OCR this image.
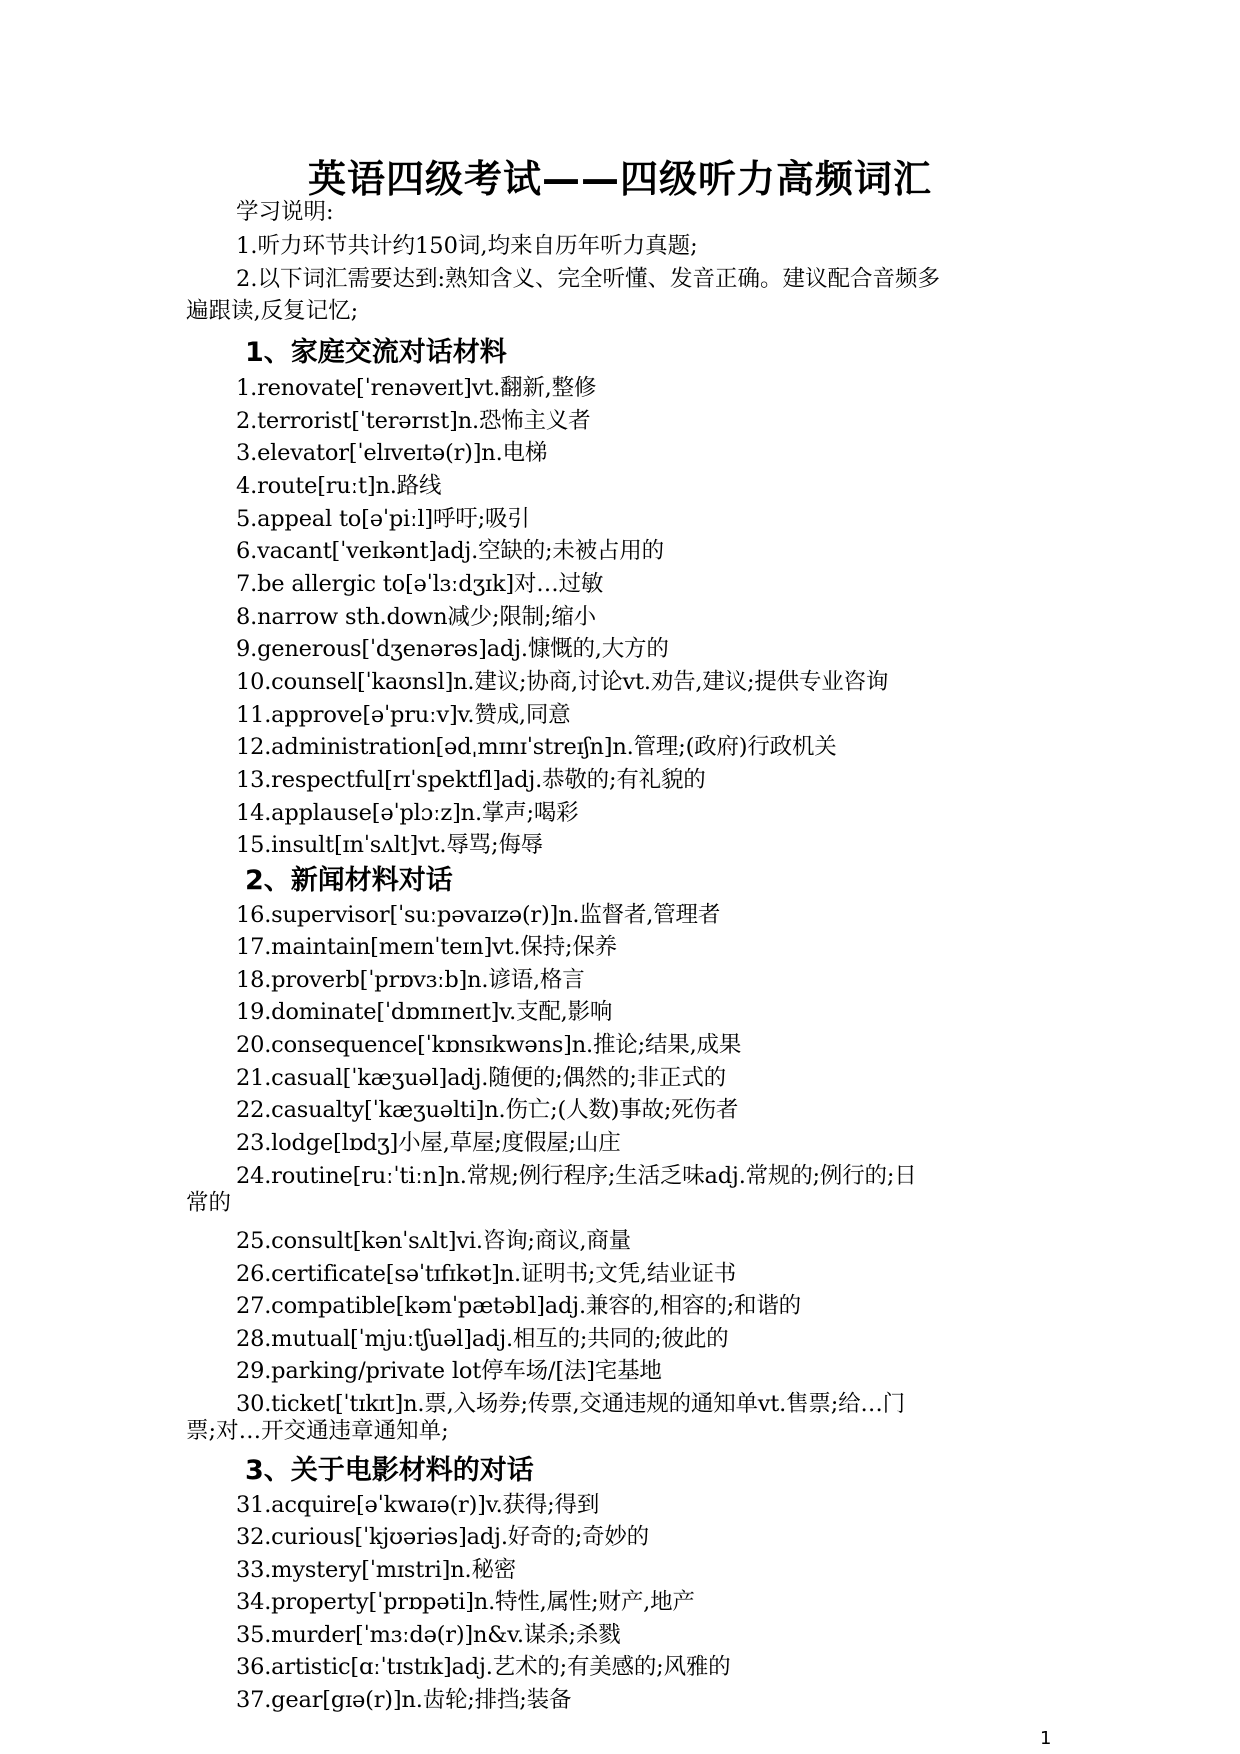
英语四级考试——四级听力高频词汇
学习说明:
1.听力环节共计约150词,均来自历年听力真题;
2.以下词汇需要达到:熟知含义、完全听懂、发音正确。建议配合音频多
遍跟读,反复记忆;
1、家庭交流对话材料
1.renovate[ˈrenəveɪt]vt.翻新,整修
2.terrorist[ˈterərɪst]n.恐怖主义者
3.elevator[ˈelɪveɪtə(r)]n.电梯
4.route[ruːt]n.路线
5.appeal to[əˈpiːl]呼吁;吸引
6.vacant[ˈveɪkənt]adj.空缺的;未被占用的
7.be allergic to[əˈlɜːdʒɪk]对…过敏
8.narrow sth.down减少;限制;缩小
9.generous[ˈdʒenərəs]adj.慷慨的,大方的
10.counsel[ˈkaʊnsl]n.建议;协商,讨论vt.劝告,建议;提供专业咨询
11.approve[əˈpruːv]v.赞成,同意
12.administration[ədˌmɪnɪˈstreɪʃn]n.管理;(政府)行政机关
13.respectful[rɪˈspektfl]adj.恭敬的;有礼貌的
14.applause[əˈplɔːz]n.掌声;喝彩
15.insult[ɪnˈsʌlt]vt.辱骂;侮辱
2、新闻材料对话
16.supervisor[ˈsuːpəvaɪzə(r)]n.监督者,管理者
17.maintain[meɪnˈteɪn]vt.保持;保养
18.proverb[ˈprɒvɜːb]n.谚语,格言
19.dominate[ˈdɒmɪneɪt]v.支配,影响
20.consequence[ˈkɒnsɪkwəns]n.推论;结果,成果
21.casual[ˈkæʒuəl]adj.随便的;偶然的;非正式的
22.casualty[ˈkæʒuəlti]n.伤亡;(人数)事故;死伤者
23.lodge[lɒdʒ]小屋,草屋;度假屋;山庄
24.routine[ruːˈtiːn]n.常规;例行程序;生活乏味adj.常规的;例行的;日
常的
25.consult[kənˈsʌlt]vi.咨询;商议,商量
26.certificate[səˈtɪfɪkət]n.证明书;文凭,结业证书
27.compatible[kəmˈpætəbl]adj.兼容的,相容的;和谐的
28.mutual[ˈmjuːtʃuəl]adj.相互的;共同的;彼此的
29.parking/private lot停车场/[法]宅基地
30.ticket[ˈtɪkɪt]n.票,入场券;传票,交通违规的通知单vt.售票;给…门
票;对…开交通违章通知单;
3、关于电影材料的对话
31.acquire[əˈkwaɪə(r)]v.获得;得到
32.curious[ˈkjʊəriəs]adj.好奇的;奇妙的
33.mystery[ˈmɪstri]n.秘密
34.property[ˈprɒpəti]n.特性,属性;财产,地产
35.murder[ˈmɜːdə(r)]n&v.谋杀;杀戮
36.artistic[ɑːˈtɪstɪk]adj.艺术的;有美感的;风雅的
37.gear[gɪə(r)]n.齿轮;排挡;装备
1
